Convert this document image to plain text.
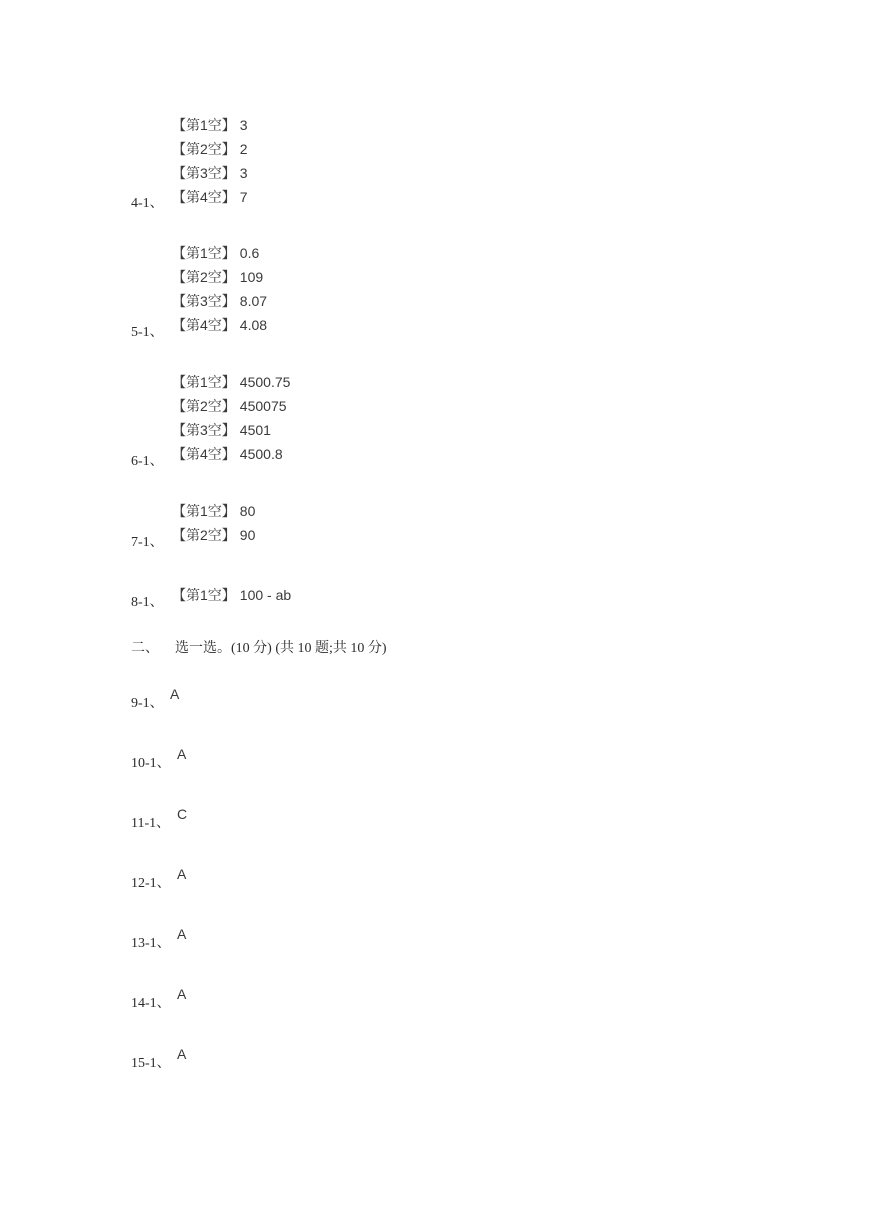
【第1空】 3
【第2空】 2
【第3空】 3
【第4空】 7
4-1、
【第1空】 0.6
【第2空】 109
【第3空】 8.07
【第4空】 4.08
5-1、
【第1空】 4500.75
【第2空】 450075
【第3空】 4501
【第4空】 4500.8
6-1、
【第1空】 80
【第2空】 90
7-1、
【第1空】 100 - ab
8-1、
二、 选一选。(10 分) (共 10 题;共 10 分)
9-1、
A
10-1、
A
11-1、
C
12-1、
A
13-1、
A
14-1、
A
15-1、
A
